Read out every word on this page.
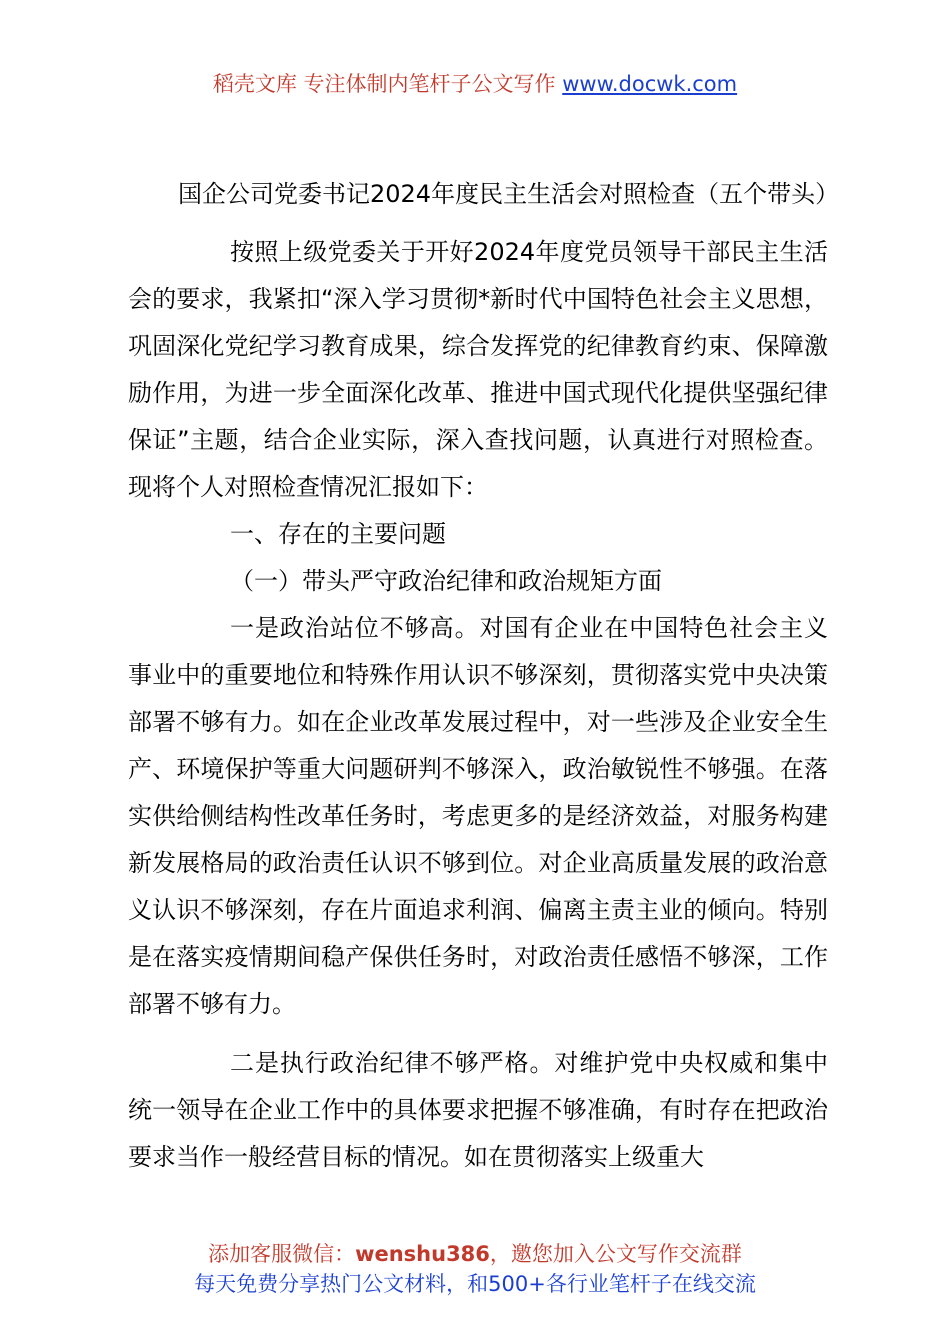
稻壳文库 专注体制内笔杆子公文写作 www.docwk.com
国企公司党委书记2024年度民主生活会对照检查（五个带头）

按照上级党委关于开好2024年度党员领导干部民主生活会的要求，我紧扣“深入学习贯彻*新时代中国特色社会主义思想，巩固深化党纪学习教育成果，综合发挥党的纪律教育约束、保障激励作用，为进一步全面深化改革、推进中国式现代化提供坚强纪律保证”主题，结合企业实际，深入查找问题，认真进行对照检查。现将个人对照检查情况汇报如下：

一、存在的主要问题

（一）带头严守政治纪律和政治规矩方面

一是政治站位不够高。对国有企业在中国特色社会主义事业中的重要地位和特殊作用认识不够深刻，贯彻落实党中央决策部署不够有力。如在企业改革发展过程中，对一些涉及企业安全生产、环境保护等重大问题研判不够深入，政治敏锐性不够强。在落实供给侧结构性改革任务时，考虑更多的是经济效益，对服务构建新发展格局的政治责任认识不够到位。对企业高质量发展的政治意义认识不够深刻，存在片面追求利润、偏离主责主业的倾向。特别是在落实疫情期间稳产保供任务时，对政治责任感悟不够深，工作部署不够有力。

二是执行政治纪律不够严格。对维护党中央权威和集中统一领导在企业工作中的具体要求把握不够准确，有时存在把政治要求当作一般经营目标的情况。如在贯彻落实上级重大

添加客服微信：wenshu386，邀您加入公文写作交流群
每天免费分享热门公文材料，和500+各行业笔杆子在线交流
